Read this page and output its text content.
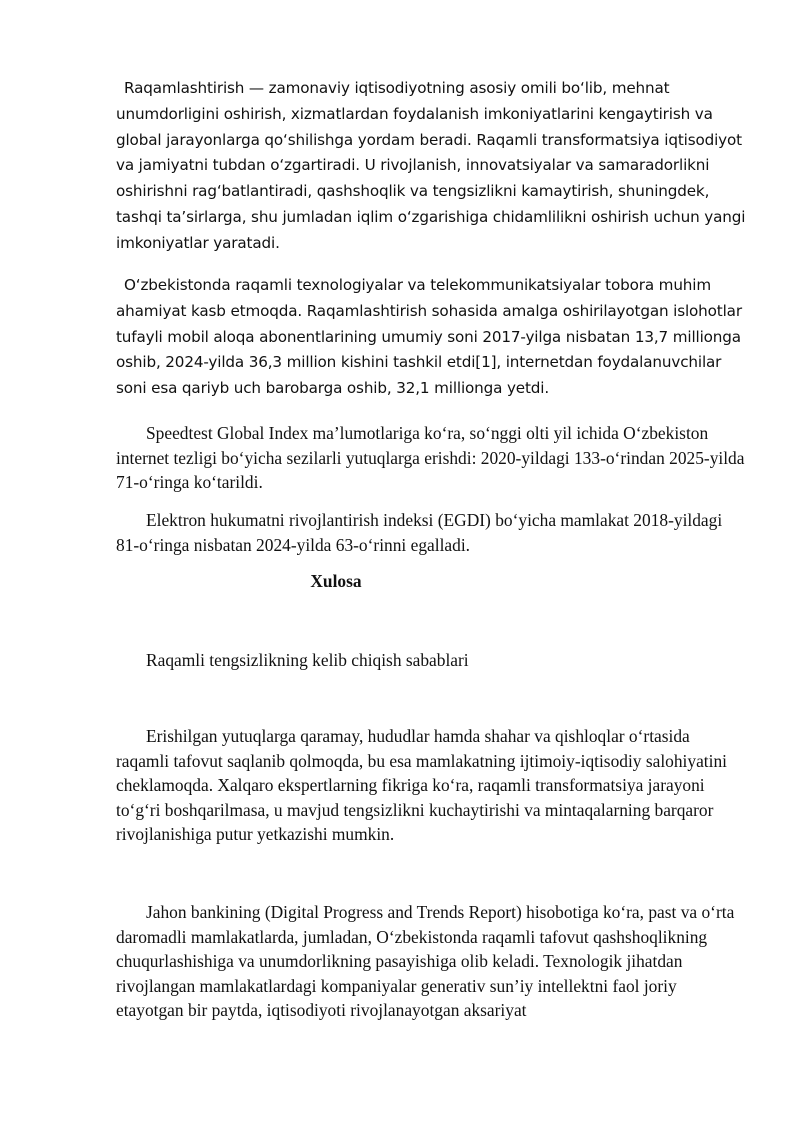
Raqamlashtirish — zamonaviy iqtisodiyotning asosiy omili bo‘lib, mehnat unumdorligini oshirish, xizmatlardan foydalanish imkoniyatlarini kengaytirish va global jarayonlarga qo‘shilishga yordam beradi. Raqamli transformatsiya iqtisodiyot va jamiyatni tubdan o‘zgartiradi. U rivojlanish, innovatsiyalar va samaradorlikni oshirishni rag‘batlantiradi, qashshoqlik va tengsizlikni kamaytirish, shuningdek, tashqi ta’sirlarga, shu jumladan iqlim o‘zgarishiga chidamlilikni oshirish uchun yangi imkoniyatlar yaratadi.

O‘zbekistonda raqamli texnologiyalar va telekommunikatsiyalar tobora muhim ahamiyat kasb etmoqda. Raqamlashtirish sohasida amalga oshirilayotgan islohotlar tufayli mobil aloqa abonentlarining umumiy soni 2017-yilga nisbatan 13,7 millionga oshib, 2024-yilda 36,3 million kishini tashkil etdi[1], internetdan foydalanuvchilar soni esa qariyb uch barobarga oshib, 32,1 millionga yetdi.

Speedtest Global Index ma’lumotlariga ko‘ra, so‘nggi olti yil ichida O‘zbekiston internet tezligi bo‘yicha sezilarli yutuqlarga erishdi: 2020-yildagi 133-o‘rindan 2025-yilda 71-o‘ringa ko‘tarildi.

Elektron hukumatni rivojlantirish indeksi (EGDI) bo‘yicha mamlakat 2018-yildagi 81-o‘ringa nisbatan 2024-yilda 63-o‘rinni egalladi.

Xulosa

Raqamli tengsizlikning kelib chiqish sabablari

Erishilgan yutuqlarga qaramay, hududlar hamda shahar va qishloqlar o‘rtasida raqamli tafovut saqlanib qolmoqda, bu esa mamlakatning ijtimoiy-iqtisodiy salohiyatini cheklamoqda. Xalqaro ekspertlarning fikriga ko‘ra, raqamli transformatsiya jarayoni to‘g‘ri boshqarilmasa, u mavjud tengsizlikni kuchaytirishi va mintaqalarning barqaror rivojlanishiga putur yetkazishi mumkin.

Jahon bankining (Digital Progress and Trends Report) hisobotiga ko‘ra, past va o‘rta daromadli mamlakatlarda, jumladan, O‘zbekistonda raqamli tafovut qashshoqlikning chuqurlashishiga va unumdorlikning pasayishiga olib keladi. Texnologik jihatdan rivojlangan mamlakatlardagi kompaniyalar generativ sun’iy intellektni faol joriy etayotgan bir paytda, iqtisodiyoti rivojlanayotgan aksariyat
